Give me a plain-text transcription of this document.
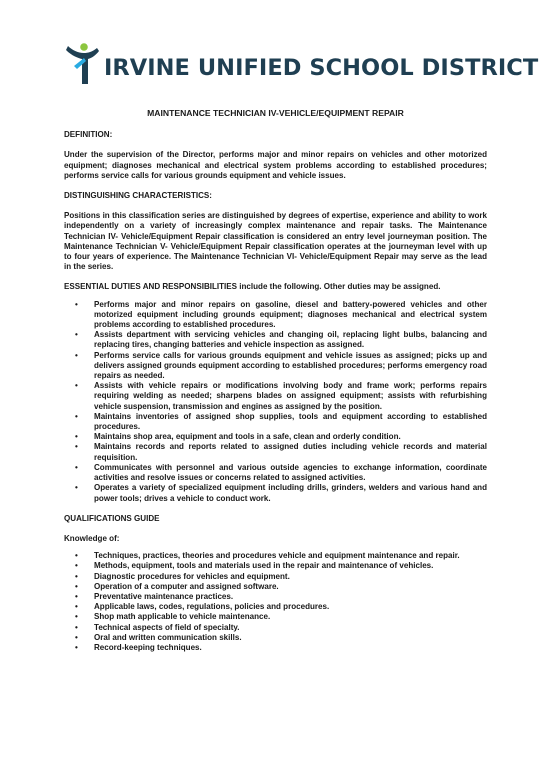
IRVINE UNIFIED SCHOOL DISTRICT
MAINTENANCE TECHNICIAN IV-VEHICLE/EQUIPMENT REPAIR
DEFINITION:
Under the supervision of the Director, performs major and minor repairs on vehicles and other motorized equipment; diagnoses mechanical and electrical system problems according to established procedures; performs service calls for various grounds equipment and vehicle issues.
DISTINGUISHING CHARACTERISTICS:
Positions in this classification series are distinguished by degrees of expertise, experience and ability to work independently on a variety of increasingly complex maintenance and repair tasks. The Maintenance Technician IV- Vehicle/Equipment Repair classification is considered an entry level journeyman position. The Maintenance Technician V- Vehicle/Equipment Repair classification operates at the journeyman level with up to four years of experience. The Maintenance Technician VI- Vehicle/Equipment Repair may serve as the lead in the series.
ESSENTIAL DUTIES AND RESPONSIBILITIES include the following. Other duties may be assigned.
• Performs major and minor repairs on gasoline, diesel and battery-powered vehicles and other motorized equipment including grounds equipment; diagnoses mechanical and electrical system problems according to established procedures.
• Assists department with servicing vehicles and changing oil, replacing light bulbs, balancing and replacing tires, changing batteries and vehicle inspection as assigned.
• Performs service calls for various grounds equipment and vehicle issues as assigned; picks up and delivers assigned grounds equipment according to established procedures; performs emergency road repairs as needed.
• Assists with vehicle repairs or modifications involving body and frame work; performs repairs requiring welding as needed; sharpens blades on assigned equipment; assists with refurbishing vehicle suspension, transmission and engines as assigned by the position.
• Maintains inventories of assigned shop supplies, tools and equipment according to established procedures.
• Maintains shop area, equipment and tools in a safe, clean and orderly condition.
• Maintains records and reports related to assigned duties including vehicle records and material requisition.
• Communicates with personnel and various outside agencies to exchange information, coordinate activities and resolve issues or concerns related to assigned activities.
• Operates a variety of specialized equipment including drills, grinders, welders and various hand and power tools; drives a vehicle to conduct work.
QUALIFICATIONS GUIDE
Knowledge of:
• Techniques, practices, theories and procedures vehicle and equipment maintenance and repair.
• Methods, equipment, tools and materials used in the repair and maintenance of vehicles.
• Diagnostic procedures for vehicles and equipment.
• Operation of a computer and assigned software.
• Preventative maintenance practices.
• Applicable laws, codes, regulations, policies and procedures.
• Shop math applicable to vehicle maintenance.
• Technical aspects of field of specialty.
• Oral and written communication skills.
• Record-keeping techniques.
